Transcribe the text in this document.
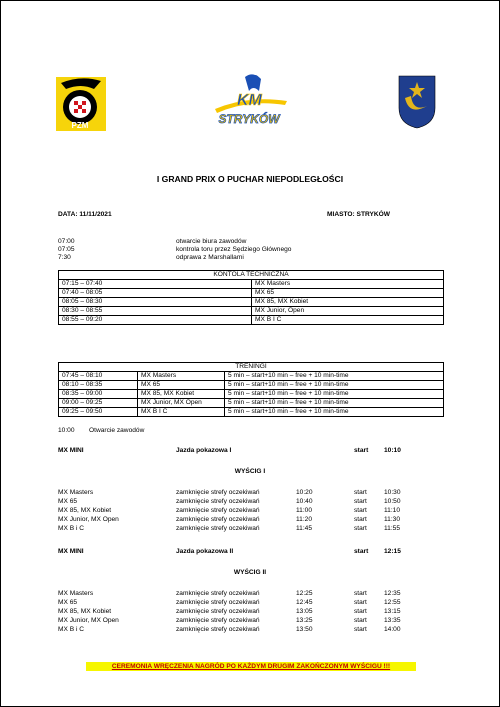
PZM
KM
STRYKÓW
I GRAND PRIX O PUCHAR NIEPODLEGŁOŚCI
DATA: 11/11/2021	MIASTO: STRYKÓW
07:00	otwarcie biura zawodów
07:05	kontrola toru przez Sędziego Głównego
7:30	odprawa z Marshallami
KONTOLA TECHNICZNA	
07:15 – 07:40	MX Masters
07:40 – 08:05	MX 65
08:05 – 08:30	MX 85, MX Kobiet
08:30 – 08:55	MX Junior, Open
08:55 – 09:20	MX B I C
TRENINGI		
07:45 – 08:10	MX Masters	5 min – start+10 min – free + 10 min-time
08:10 – 08:35	MX 65	5 min – start+10 min – free + 10 min-time
08:35 – 09:00	MX 85, MX Kobiet	5 min – start+10 min – free + 10 min-time
09:00 – 09:25	MX Junior, MX Open	5 min – start+10 min – free + 10 min-time
09:25 – 09:50	MX B I C	5 min – start+10 min – free + 10 min-time
10:00 Otwarcie zawodów
MX MINI	Jazda pokazowa I	start 10:10
WYŚCIG I
MX Masters	zamknięcie strefy oczekiwań	10:20	start	10:30
MX 65	zamknięcie strefy oczekiwań	10:40	start	10:50
MX 85, MX Kobiet	zamknięcie strefy oczekiwań	11:00	start	11:10
MX Junior, MX Open	zamknięcie strefy oczekiwań	11:20	start	11:30
MX B i C	zamknięcie strefy oczekiwań	11:45	start	11:55
MX MINI	Jazda pokazowa II	start 12:15
WYŚCIG II
MX Masters	zamknięcie strefy oczekiwań	12:25	start	12:35
MX 65	zamknięcie strefy oczekiwań	12:45	start	12:55
MX 85, MX Kobiet	zamknięcie strefy oczekiwań	13:05	start	13:15
MX Junior, MX Open	zamknięcie strefy oczekiwań	13:25	start	13:35
MX B i C	zamknięcie strefy oczekiwań	13:50	start	14:00
CEREMONIA WRĘCZENIA NAGRÓD PO KAŻDYM DRUGIM ZAKOŃCZONYM WYŚCIGU !!!
